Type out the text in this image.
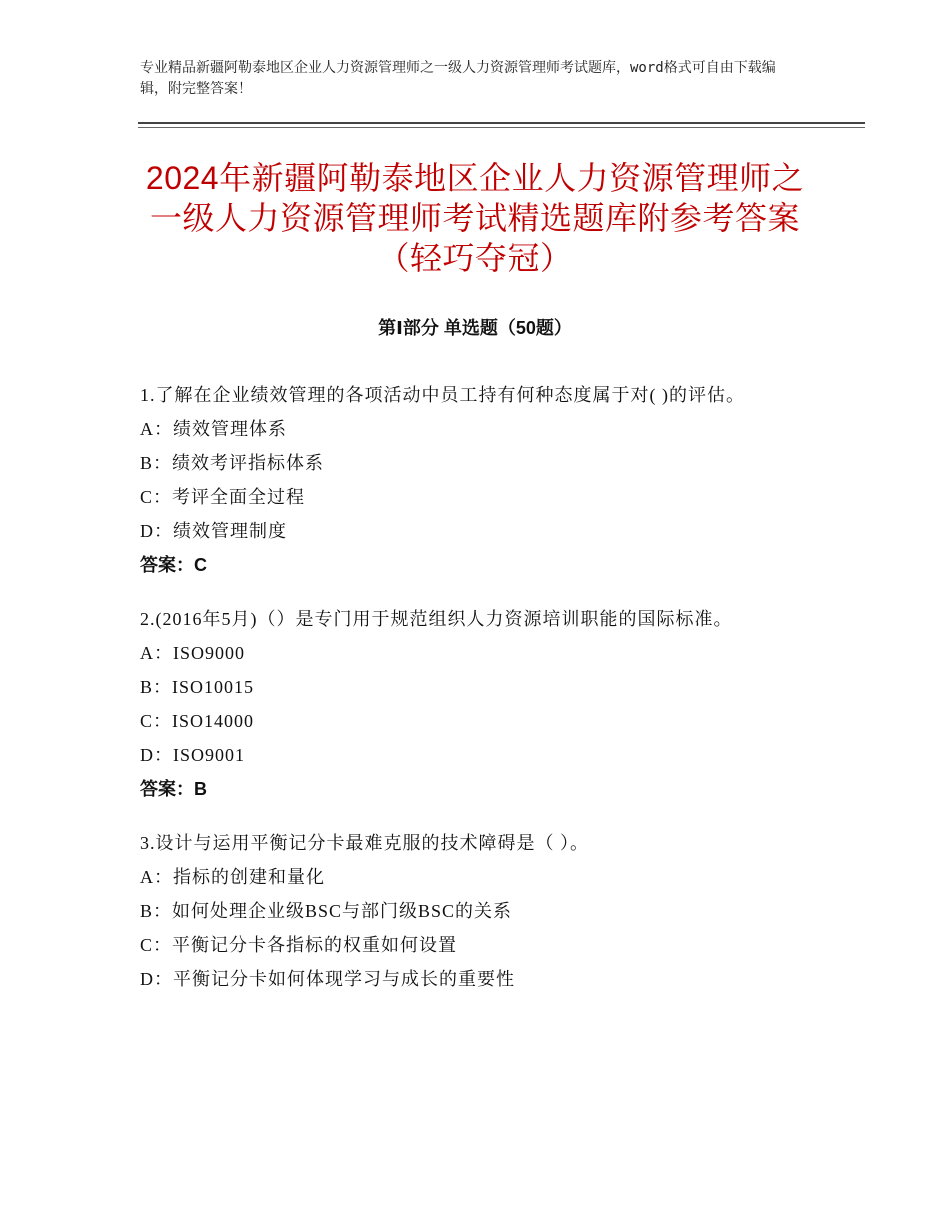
专业精品新疆阿勒泰地区企业人力资源管理师之一级人力资源管理师考试题库，word格式可自由下载编辑，附完整答案！
2024年新疆阿勒泰地区企业人力资源管理师之一级人力资源管理师考试精选题库附参考答案（轻巧夺冠）
第Ⅰ部分 单选题（50题）
1.了解在企业绩效管理的各项活动中员工持有何种态度属于对( )的评估。
A：绩效管理体系
B：绩效考评指标体系
C：考评全面全过程
D：绩效管理制度
答案：C
2.(2016年5月)（）是专门用于规范组织人力资源培训职能的国际标准。
A：ISO9000
B：ISO10015
C：ISO14000
D：ISO9001
答案：B
3.设计与运用平衡记分卡最难克服的技术障碍是（ ）。
A：指标的创建和量化
B：如何处理企业级BSC与部门级BSC的关系
C：平衡记分卡各指标的权重如何设置
D：平衡记分卡如何体现学习与成长的重要性
